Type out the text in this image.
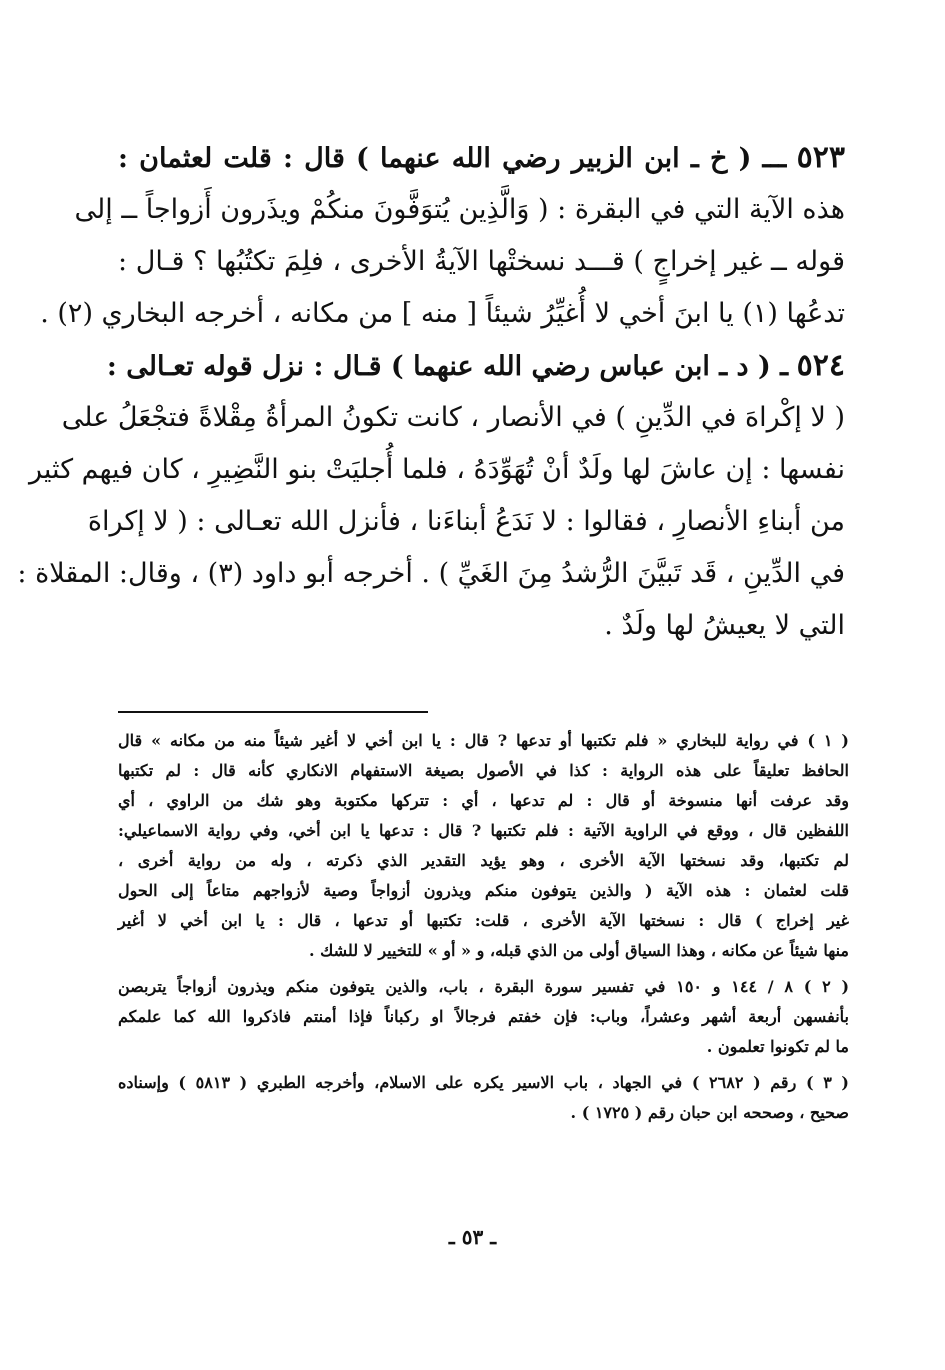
٥٢٣ ـــ ( خ ـ ابن الزبير رضي الله عنهما ) قال : قلت لعثمان :
هذه الآية التي في البقرة : ( وَالَّذِين يُتوَفَّونَ منكُمْ ويذَرون أَزواجاً ــ إلى
قوله ــ غير إخراجٍ ) قـــد نسختْها الآيةُ الأخرى ، فلِمَ تكتُبُها ؟ قـال :
تدعُها (١) يا ابنَ أخي لا أُغيِّرُ شيئاً [ منه ] من مكانه ، أخرجه البخاري (٢) .
٥٢٤ ـ ( د ـ ابن عباس رضي الله عنهما ) قـال : نزل قوله تعـالى :
( لا إكْراهَ في الدِّينِ ) في الأنصار ، كانت تكونُ المرأةُ مِقْلاةً فتجْعَلُ على
نفسها : إن عاشَ لها ولَدٌ أنْ تُهَوِّدَهُ ، فلما أُجليَتْ بنو النَّضِيرِ ، كان فيهم كثير
من أبناءِ الأنصارِ ، فقالوا : لا نَدَعُ أبناءَنا ، فأنزل الله تعـالى : ( لا إكراهَ
في الدِّينِ ، قَد تَبيَّنَ الرُّشدُ مِنَ الغَيِّ ) . أخرجه أبو داود (٣) ، وقال: المقلاة :
التي لا يعيشُ لها ولَدٌ .
( ١ ) في رواية للبخاري « فلم تكتبها أو تدعها ? قال : يا ابن أخي لا أغير شيئاً منه من مكانه » قال
الحافظ تعليقاً على هذه الرواية : كذا في الأصول بصيغة الاستفهام الانكاري كأنه قال : لم تكتبها
وقد عرفت أنها منسوخة أو قال : لم تدعها ، أي : تتركها مكتوبة وهو شك من الراوي ، أي
اللفظين قال ، ووقع في الراوية الآتية : فلم تكتبها ? قال : تدعها يا ابن أخي، وفي رواية الاسماعيلي:
لم تكتبها، وقد نسختها الآية الأخرى ، وهو يؤيد التقدير الذي ذكرته ، وله من رواية أخرى ،
قلت لعثمان : هذه الآية ( والذين يتوفون منكم ويذرون أزواجاً وصية لأزواجهم متاعاً إلى الحول
غير إخراج ) قال : نسختها الآية الأخرى ، قلت: تكتبها أو تدعها ، قال : يا ابن أخي لا أغير
منها شيئاً عن مكانه ، وهذا السياق أولى من الذي قبله، و « أو » للتخيير لا للشك .
( ٢ ) ٨ / ١٤٤ و ١٥٠ في تفسير سورة البقرة ، باب، والذين يتوفون منكم ويذرون أزواجاً يتربصن
بأنفسهن أربعة أشهر وعشراً، وباب: فإن خفتم فرجالاً او ركباناً فإذا أمنتم فاذكروا الله كما علمكم
ما لم تكونوا تعلمون .
( ٣ ) رقم ( ٢٦٨٢ ) في الجهاد ، باب الاسير يكره على الاسلام، وأخرجه الطبري ( ٥٨١٣ ) وإسناده
صحيح ، وصححه ابن حبان رقم ( ١٧٢٥ ) .
ـ ٥٣ ـ
